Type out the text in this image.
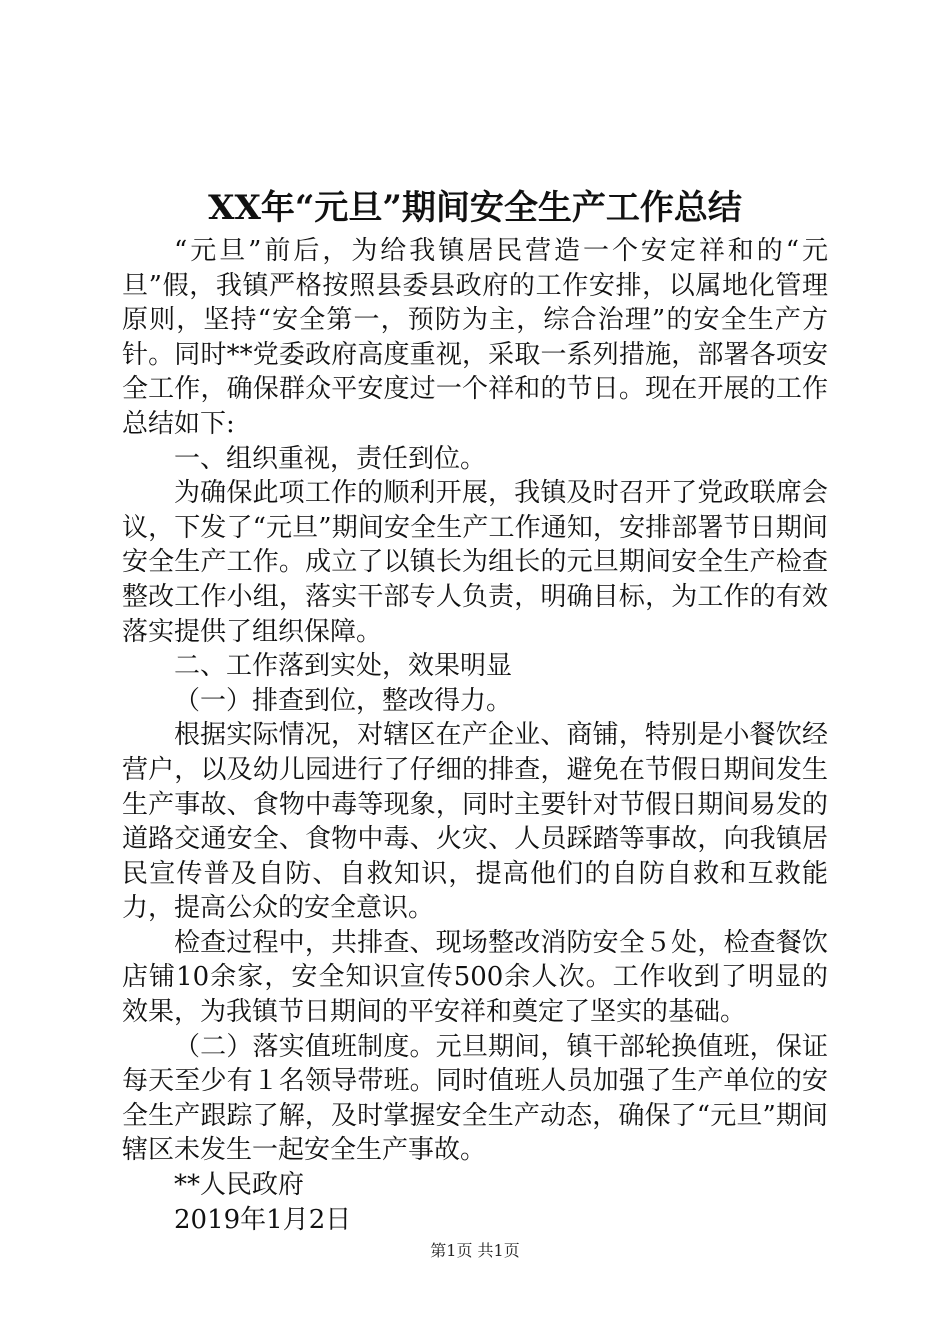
XX年“元旦”期间安全生产工作总结

“元旦”前后，为给我镇居民营造一个安定祥和的“元旦”假，我镇严格按照县委县政府的工作安排，以属地化管理原则，坚持“安全第一，预防为主，综合治理”的安全生产方针。同时**党委政府高度重视，采取一系列措施，部署各项安全工作，确保群众平安度过一个祥和的节日。现在开展的工作总结如下:

一、组织重视，责任到位。

为确保此项工作的顺利开展，我镇及时召开了党政联席会议，下发了“元旦”期间安全生产工作通知，安排部署节日期间安全生产工作。成立了以镇长为组长的元旦期间安全生产检查整改工作小组，落实干部专人负责，明确目标，为工作的有效落实提供了组织保障。

二、工作落到实处，效果明显

（一）排查到位，整改得力。

根据实际情况，对辖区在产企业、商铺，特别是小餐饮经营户，以及幼儿园进行了仔细的排查，避免在节假日期间发生生产事故、食物中毒等现象，同时主要针对节假日期间易发的道路交通安全、食物中毒、火灾、人员踩踏等事故，向我镇居民宣传普及自防、自救知识，提高他们的自防自救和互救能力，提高公众的安全意识。

检查过程中，共排查、现场整改消防安全５处，检查餐饮店铺10余家，安全知识宣传500余人次。工作收到了明显的效果，为我镇节日期间的平安祥和奠定了坚实的基础。

（二）落实值班制度。元旦期间，镇干部轮换值班，保证每天至少有１名领导带班。同时值班人员加强了生产单位的安全生产跟踪了解，及时掌握安全生产动态，确保了“元旦”期间辖区未发生一起安全生产事故。

**人民政府

2019年1月2日

第1页 共1页
